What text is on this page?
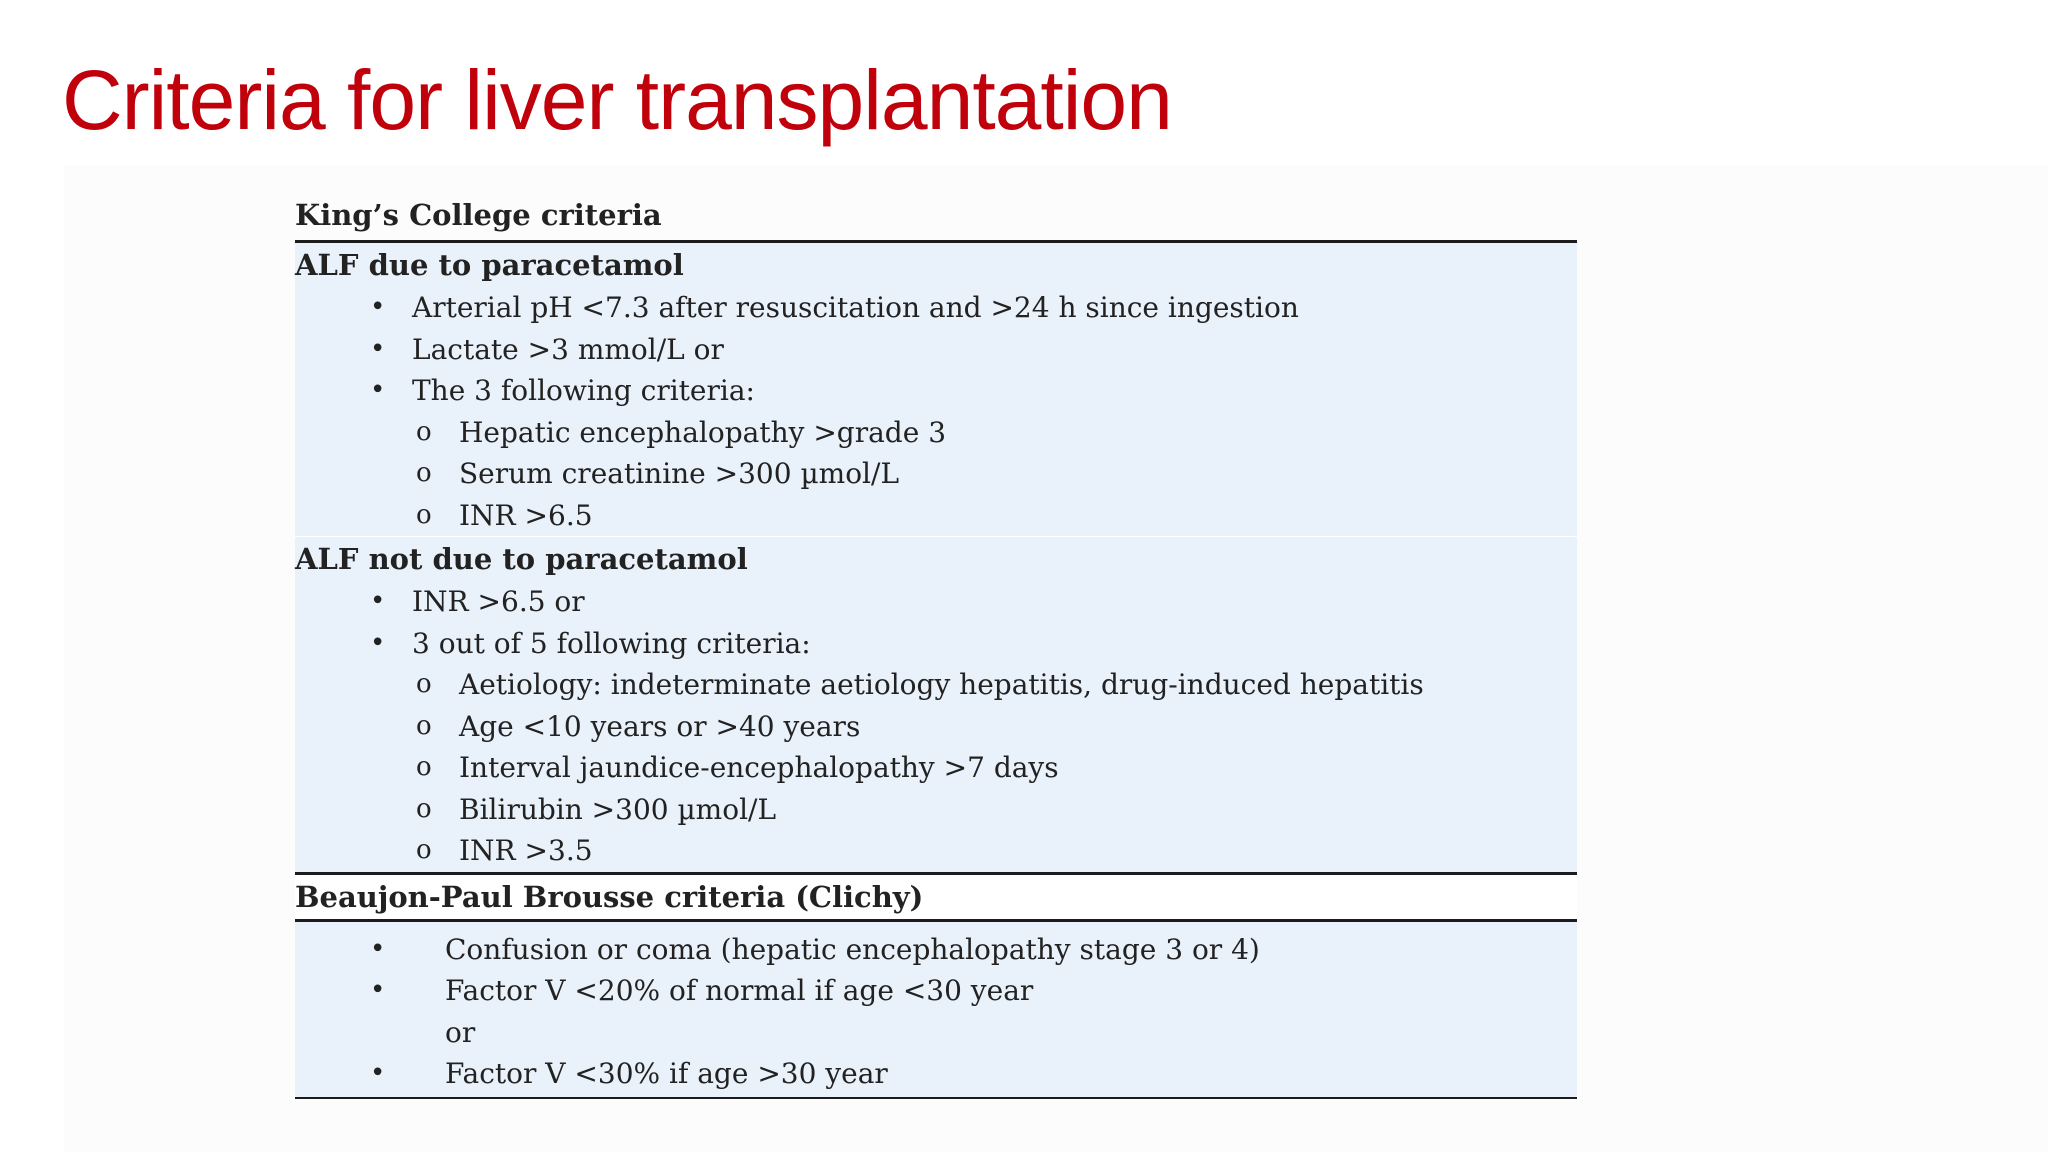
Criteria for liver transplantation
King’s College criteria
ALF due to paracetamol
• Arterial pH <7.3 after resuscitation and >24 h since ingestion
• Lactate >3 mmol/L or
• The 3 following criteria:
o Hepatic encephalopathy >grade 3
o Serum creatinine >300 µmol/L
o INR >6.5
ALF not due to paracetamol
• INR >6.5 or
• 3 out of 5 following criteria:
o Aetiology: indeterminate aetiology hepatitis, drug-induced hepatitis
o Age <10 years or >40 years
o Interval jaundice-encephalopathy >7 days
o Bilirubin >300 µmol/L
o INR >3.5
Beaujon-Paul Brousse criteria (Clichy)
• Confusion or coma (hepatic encephalopathy stage 3 or 4)
• Factor V <20% of normal if age <30 year
or
• Factor V <30% if age >30 year
